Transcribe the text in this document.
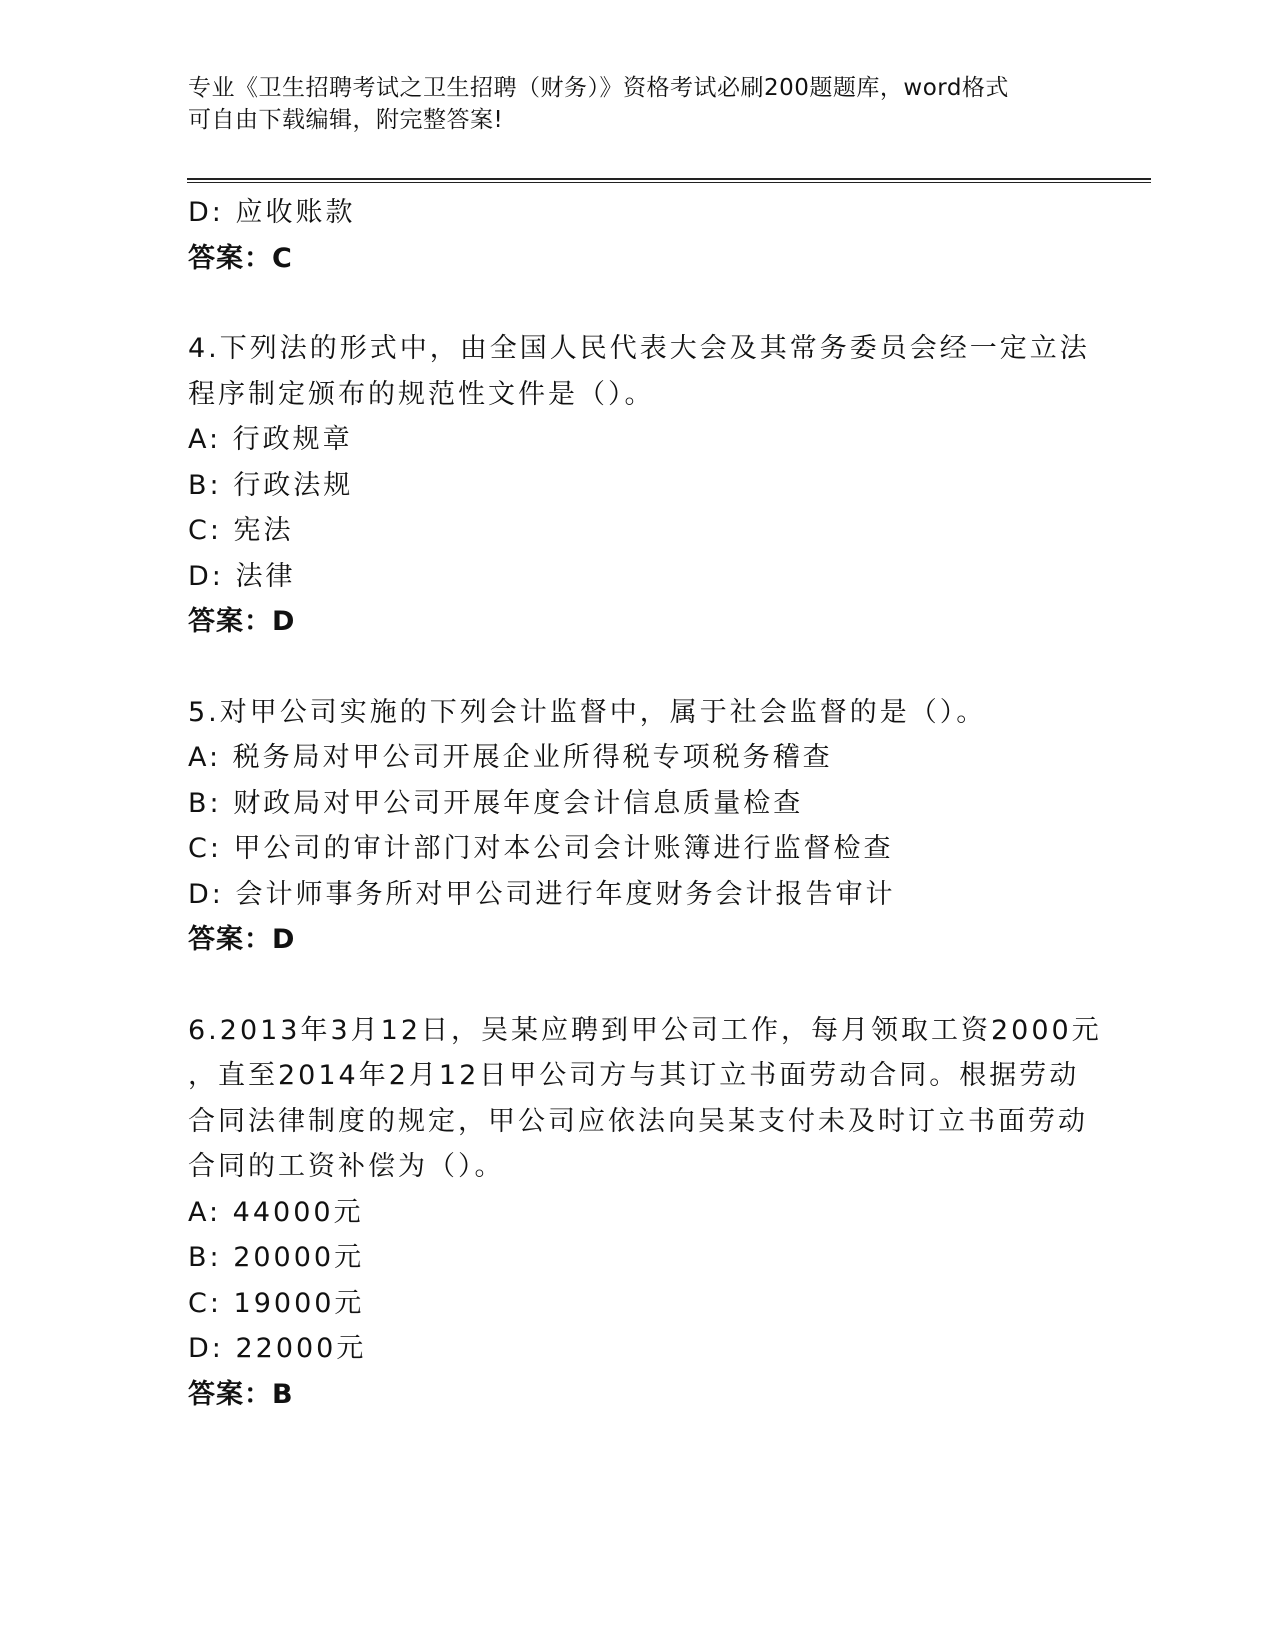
专业《卫生招聘考试之卫生招聘（财务）》资格考试必刷200题题库，word格式
可自由下载编辑，附完整答案!
D: 应收账款
答案：C
4.下列法的形式中，由全国人民代表大会及其常务委员会经一定立法
程序制定颁布的规范性文件是（）。
A: 行政规章
B: 行政法规
C: 宪法
D: 法律
答案：D
5.对甲公司实施的下列会计监督中，属于社会监督的是（）。
A: 税务局对甲公司开展企业所得税专项税务稽查
B: 财政局对甲公司开展年度会计信息质量检查
C: 甲公司的审计部门对本公司会计账簿进行监督检查
D: 会计师事务所对甲公司进行年度财务会计报告审计
答案：D
6.2013年3月12日，吴某应聘到甲公司工作，每月领取工资2000元
，直至2014年2月12日甲公司方与其订立书面劳动合同。根据劳动
合同法律制度的规定，甲公司应依法向吴某支付未及时订立书面劳动
合同的工资补偿为（）。
A: 44000元
B: 20000元
C: 19000元
D: 22000元
答案：B
